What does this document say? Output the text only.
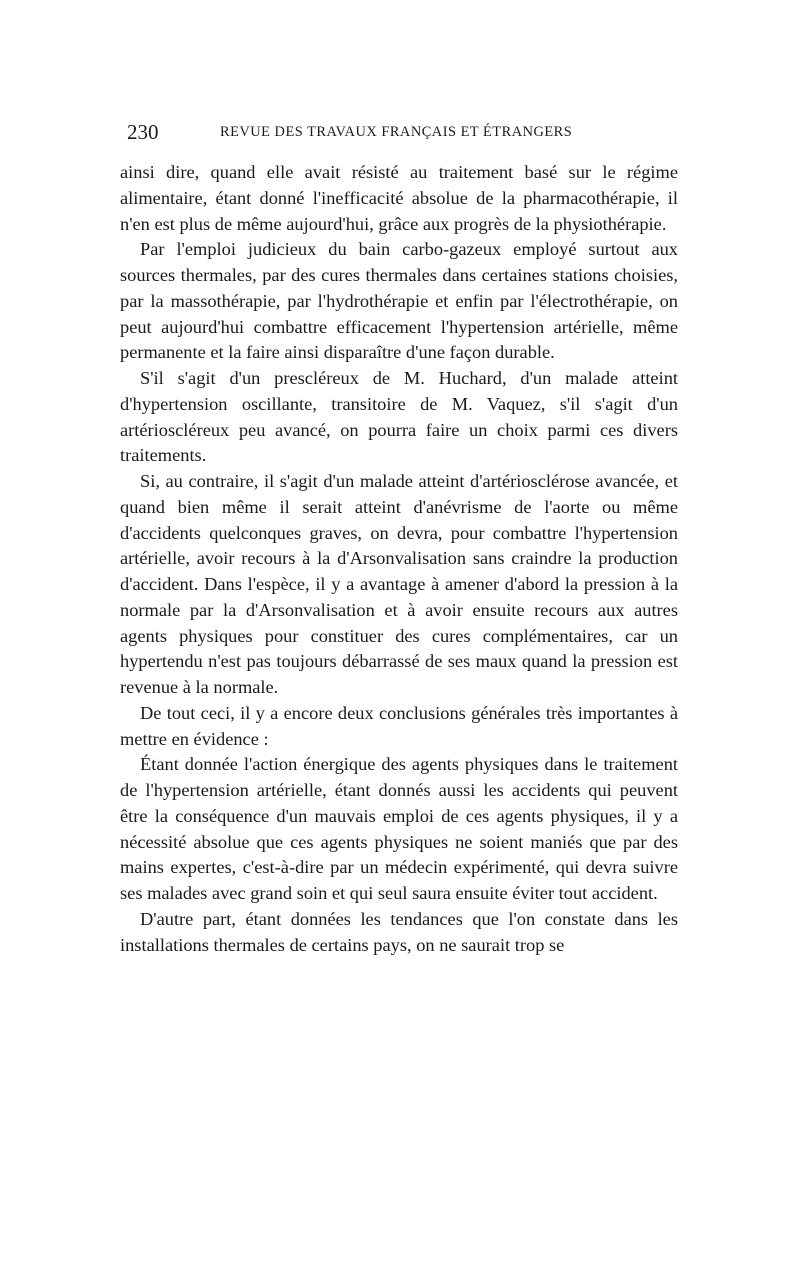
230	REVUE DES TRAVAUX FRANÇAIS ET ÉTRANGERS

ainsi dire, quand elle avait résisté au traitement basé sur le régime alimentaire, étant donné l'inefficacité absolue de la pharmacothérapie, il n'en est plus de même aujourd'hui, grâce aux progrès de la physiothérapie.

Par l'emploi judicieux du bain carbo-gazeux employé surtout aux sources thermales, par des cures thermales dans certaines stations choisies, par la massothérapie, par l'hydrothérapie et enfin par l'électrothérapie, on peut aujourd'hui combattre efficacement l'hypertension artérielle, même permanente et la faire ainsi disparaître d'une façon durable.

S'il s'agit d'un prescléreux de M. Huchard, d'un malade atteint d'hypertension oscillante, transitoire de M. Vaquez, s'il s'agit d'un artérioscléreux peu avancé, on pourra faire un choix parmi ces divers traitements.

Si, au contraire, il s'agit d'un malade atteint d'artériosclérose avancée, et quand bien même il serait atteint d'anévrisme de l'aorte ou même d'accidents quelconques graves, on devra, pour combattre l'hypertension artérielle, avoir recours à la d'Arsonvalisation sans craindre la production d'accident. Dans l'espèce, il y a avantage à amener d'abord la pression à la normale par la d'Arsonvalisation et à avoir ensuite recours aux autres agents physiques pour constituer des cures complémentaires, car un hypertendu n'est pas toujours débarrassé de ses maux quand la pression est revenue à la normale.

De tout ceci, il y a encore deux conclusions générales très importantes à mettre en évidence :

Étant donnée l'action énergique des agents physiques dans le traitement de l'hypertension artérielle, étant donnés aussi les accidents qui peuvent être la conséquence d'un mauvais emploi de ces agents physiques, il y a nécessité absolue que ces agents physiques ne soient maniés que par des mains expertes, c'est-à-dire par un médecin expérimenté, qui devra suivre ses malades avec grand soin et qui seul saura ensuite éviter tout accident.

D'autre part, étant données les tendances que l'on constate dans les installations thermales de certains pays, on ne saurait trop se
